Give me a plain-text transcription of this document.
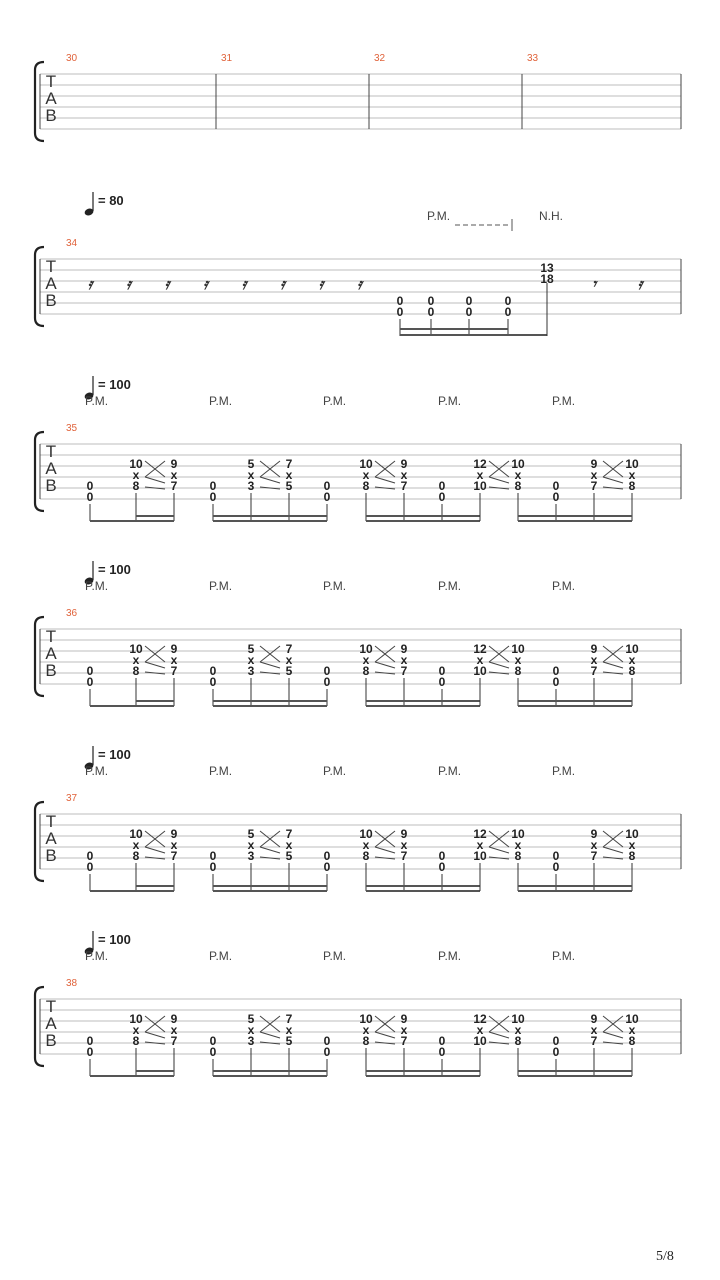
T
A
B
30	31	32	33
T
A
B
34
= 80
P.M.	N.H.
𝄿 𝄿 𝄿 𝄿 𝄿 𝄿 𝄿 𝄿
0
0
0
0
0
0
0
0
13
18	𝄾	𝄿
T
A
B
35
= 100
P.M.	P.M.	P.M.	P.M.	P.M.
0
0
10
x
8
9
x
7	0
0
5
x
3
7
x
5	0
0
10
x
8
9
x
7	0
0
12
x
10
10
x
8	0
0
9
x
7
10
x
8
T
A
B
36
= 100
P.M.	P.M.	P.M.	P.M.	P.M.
0
0
10
x
8
9
x
7	0
0
5
x
3
7
x
5	0
0
10
x
8
9
x
7	0
0
12
x
10
10
x
8	0
0
9
x
7
10
x
8
T
A
B
37
= 100
P.M.	P.M.	P.M.	P.M.	P.M.
0
0
10
x
8
9
x
7	0
0
5
x
3
7
x
5	0
0
10
x
8
9
x
7	0
0
12
x
10
10
x
8	0
0
9
x
7
10
x
8
T
A
B
38
= 100
P.M.	P.M.	P.M.	P.M.	P.M.
0
0
10
x
8
9
x
7	0
0
5
x
3
7
x
5	0
0
10
x
8
9
x
7	0
0
12
x
10
10
x
8	0
0
9
x
7
10
x
8
5/8
